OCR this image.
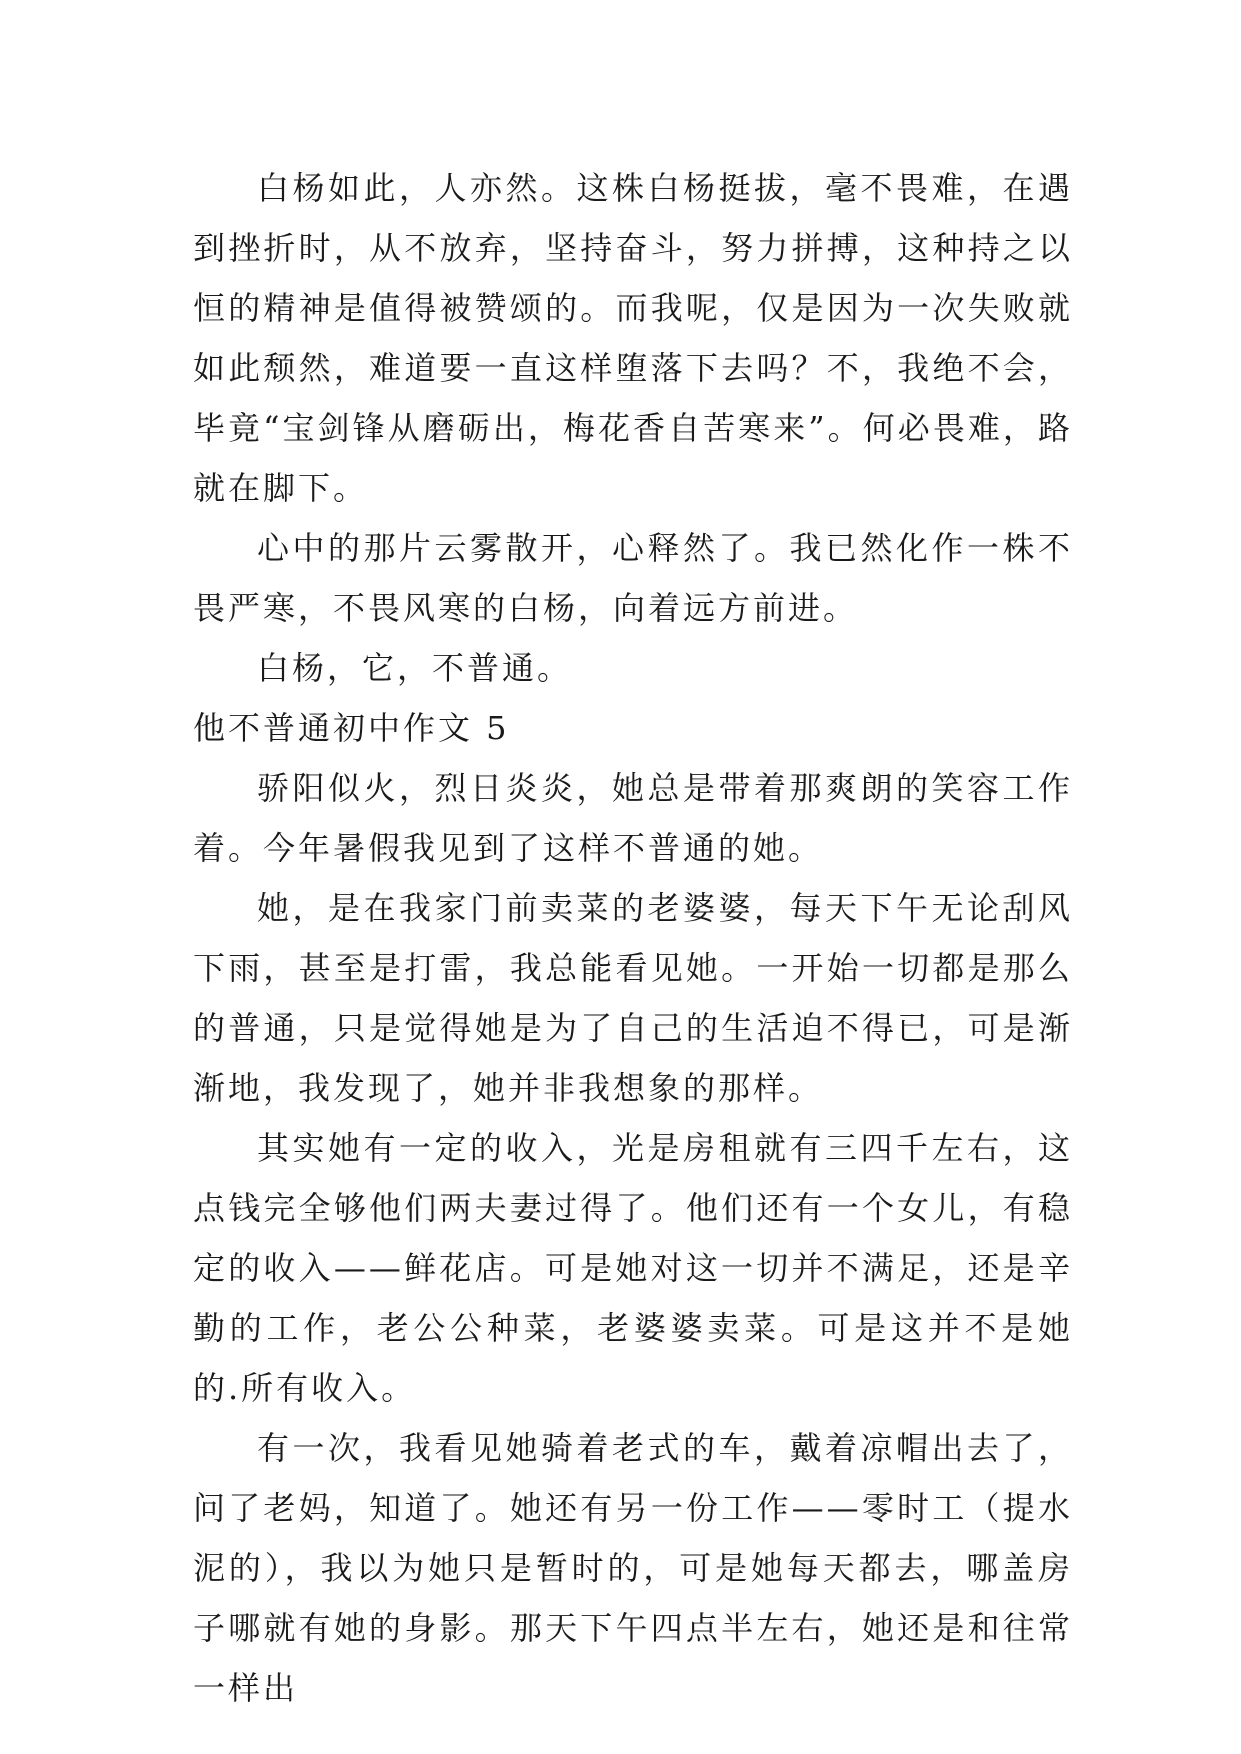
白杨如此，人亦然。这株白杨挺拔，毫不畏难，在遇到挫折时，从不放弃，坚持奋斗，努力拼搏，这种持之以恒的精神是值得被赞颂的。而我呢，仅是因为一次失败就如此颓然，难道要一直这样堕落下去吗？不，我绝不会，毕竟“宝剑锋从磨砺出，梅花香自苦寒来”。何必畏难，路就在脚下。

心中的那片云雾散开，心释然了。我已然化作一株不畏严寒，不畏风寒的白杨，向着远方前进。

白杨，它，不普通。

他不普通初中作文 5

骄阳似火，烈日炎炎，她总是带着那爽朗的笑容工作着。今年暑假我见到了这样不普通的她。

她，是在我家门前卖菜的老婆婆，每天下午无论刮风下雨，甚至是打雷，我总能看见她。一开始一切都是那么的普通，只是觉得她是为了自己的生活迫不得已，可是渐渐地，我发现了，她并非我想象的那样。

其实她有一定的收入，光是房租就有三四千左右，这点钱完全够他们两夫妻过得了。他们还有一个女儿，有稳定的收入——鲜花店。可是她对这一切并不满足，还是辛勤的工作，老公公种菜，老婆婆卖菜。可是这并不是她的.所有收入。

有一次，我看见她骑着老式的车，戴着凉帽出去了，问了老妈，知道了。她还有另一份工作——零时工（提水泥的），我以为她只是暂时的，可是她每天都去，哪盖房子哪就有她的身影。那天下午四点半左右，她还是和往常一样出
